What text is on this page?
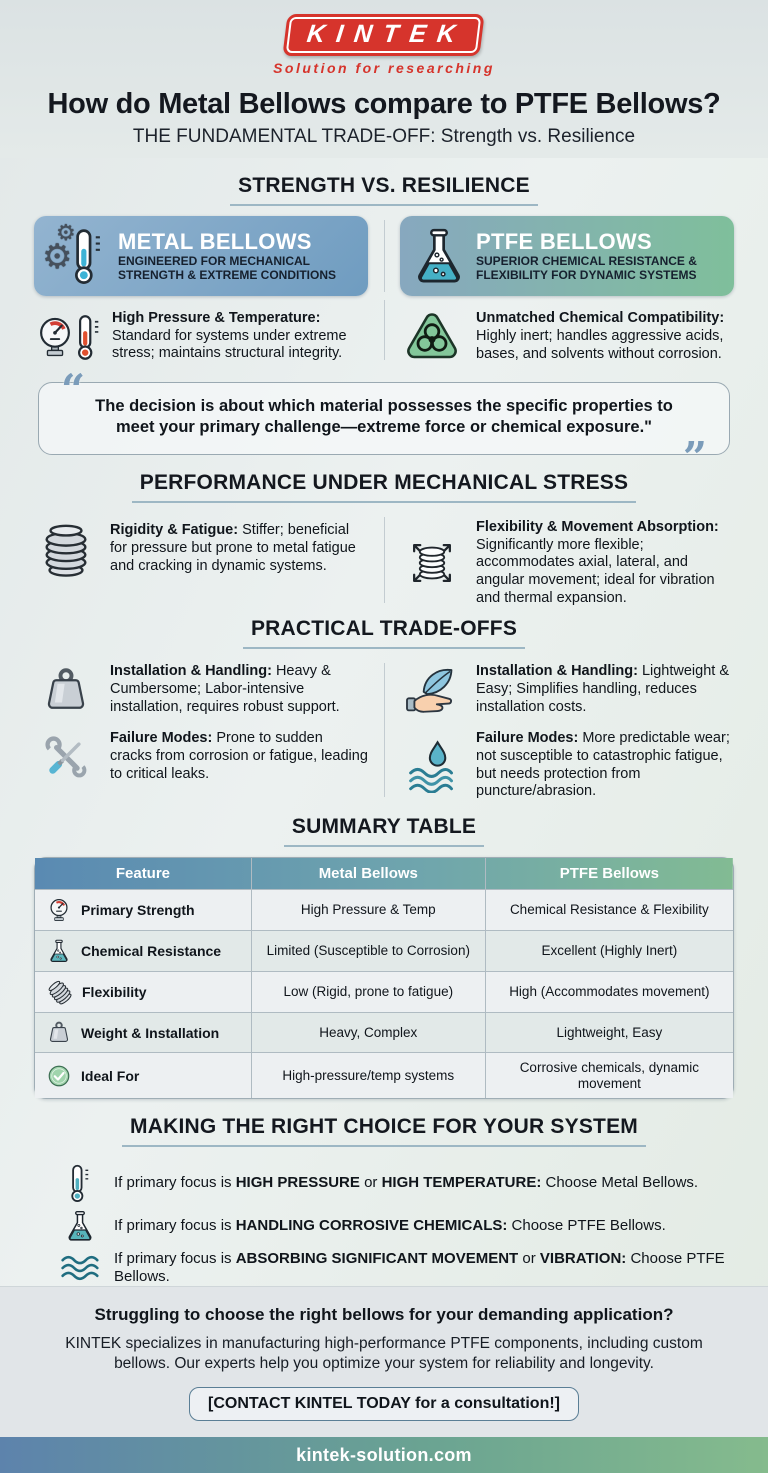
KINTEK
Solution for researching
How do Metal Bellows compare to PTFE Bellows?
THE FUNDAMENTAL TRADE-OFF: Strength vs. Resilience
STRENGTH VS. RESILIENCE
⚙
⚙ METAL BELLOWS
ENGINEERED FOR MECHANICAL STRENGTH & EXTREME CONDITIONS
PTFE BELLOWS
SUPERIOR CHEMICAL RESISTANCE & FLEXIBILITY FOR DYNAMIC SYSTEMS

High Pressure & Temperature: Standard for systems under extreme stress; maintains structural integrity.

Unmatched Chemical Compatibility: Highly inert; handles aggressive acids, bases, and solvents without corrosion.

“ The decision is about which material possesses the specific properties to meet your primary challenge—extreme force or chemical exposure."

”
PERFORMANCE UNDER MECHANICAL STRESS

Rigidity & Fatigue: Stiffer; beneficial for pressure but prone to metal fatigue and cracking in dynamic systems.

Flexibility & Movement Absorption: Significantly more flexible; accommodates axial, lateral, and angular movement; ideal for vibration and thermal expansion.

PRACTICAL TRADE-OFFS

Installation & Handling: Heavy & Cumbersome; Labor-intensive installation, requires robust support.

Failure Modes: Prone to sudden cracks from corrosion or fatigue, leading to critical leaks.

Installation & Handling: Lightweight & Easy; Simplifies handling, reduces installation costs.

Failure Modes: More predictable wear; not susceptible to catastrophic fatigue, but needs protection from puncture/abrasion.

SUMMARY TABLE
Feature	Metal Bellows	PTFE Bellows

Primary Strength	High Pressure & Temp	Chemical Resistance & Flexibility

Chemical Resistance	Limited (Susceptible to Corrosion)	Excellent (Highly Inert)

Flexibility	Low (Rigid, prone to fatigue)	High (Accommodates movement)

Weight & Installation	Heavy, Complex	Lightweight, Easy

Ideal For	High-pressure/temp systems	Corrosive chemicals, dynamic movement
MAKING THE RIGHT CHOICE FOR YOUR SYSTEM

If primary focus is HIGH PRESSURE or HIGH TEMPERATURE: Choose Metal Bellows.

If primary focus is HANDLING CORROSIVE CHEMICALS: Choose PTFE Bellows.

If primary focus is ABSORBING SIGNIFICANT MOVEMENT or VIBRATION: Choose PTFE Bellows.

Struggling to choose the right bellows for your demanding application?
KINTEK specializes in manufacturing high-performance PTFE components, including custom bellows. Our experts help you optimize your system for reliability and longevity.
[CONTACT KINTEL TODAY for a consultation!]
kintek-solution.com
